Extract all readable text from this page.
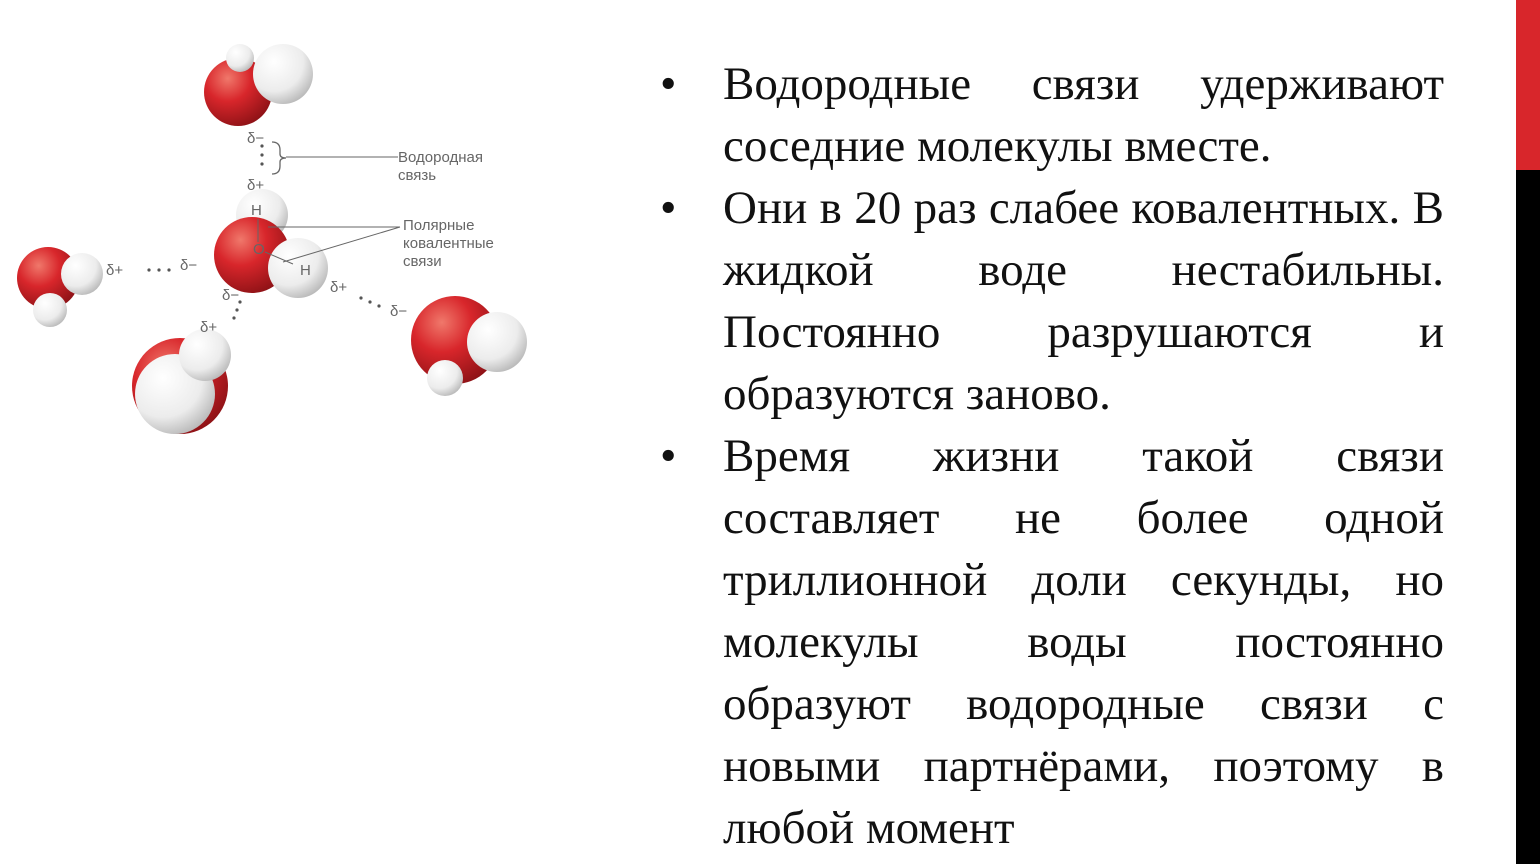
Водородная
связь
Полярные
ковалентные
связи
δ−
δ+
δ+	δ−
δ−
δ+
δ+
δ−
H
O
H
• Водородные связи удерживают соседние молекулы вместе.
• Они в 20 раз слабее ковалентных. В жидкой воде нестабильны. Постоянно разрушаются и образуются заново.
• Время жизни такой связи составляет не более одной триллионной доли секунды, но молекулы воды постоянно образуют водородные связи с новыми партнёрами, поэтому в любой момент
